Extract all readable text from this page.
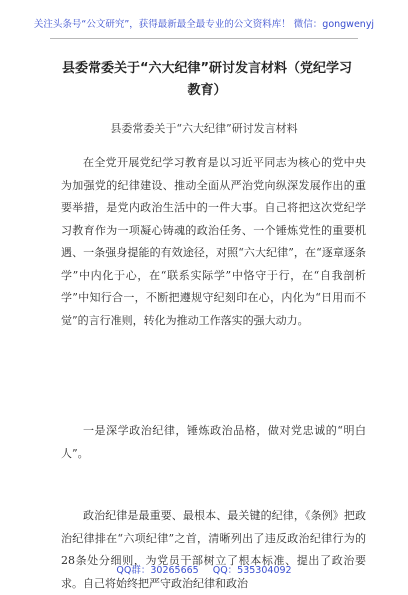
关注头条号“公文研究”，获得最新最全最专业的公文资料库！ 微信：gongwenyj
县委常委关于“六大纪律”研讨发言材料（党纪学习教育）
县委常委关于“六大纪律”研讨发言材料

在全党开展党纪学习教育是以习近平同志为核心的党中央为加强党的纪律建设、推动全面从严治党向纵深发展作出的重要举措，是党内政治生活中的一件大事。自己将把这次党纪学习教育作为一项凝心铸魂的政治任务、一个锤炼党性的重要机遇、一条强身提能的有效途径，对照“六大纪律”，在“逐章逐条学”中内化于心，在“联系实际学”中恪守于行，在“自我剖析学”中知行合一，不断把遵规守纪刻印在心，内化为“日用而不觉”的言行准则，转化为推动工作落实的强大动力。

一是深学政治纪律，锤炼政治品格，做对党忠诚的“明白人”。

政治纪律是最重要、最根本、最关键的纪律，《条例》把政治纪律排在“六项纪律”之首，清晰列出了违反政治纪律行为的28条处分细则，为党员干部树立了根本标准、提出了政治要求。自己将始终把严守政治纪律和政治

QQ群：30265665 QQ：535304092
